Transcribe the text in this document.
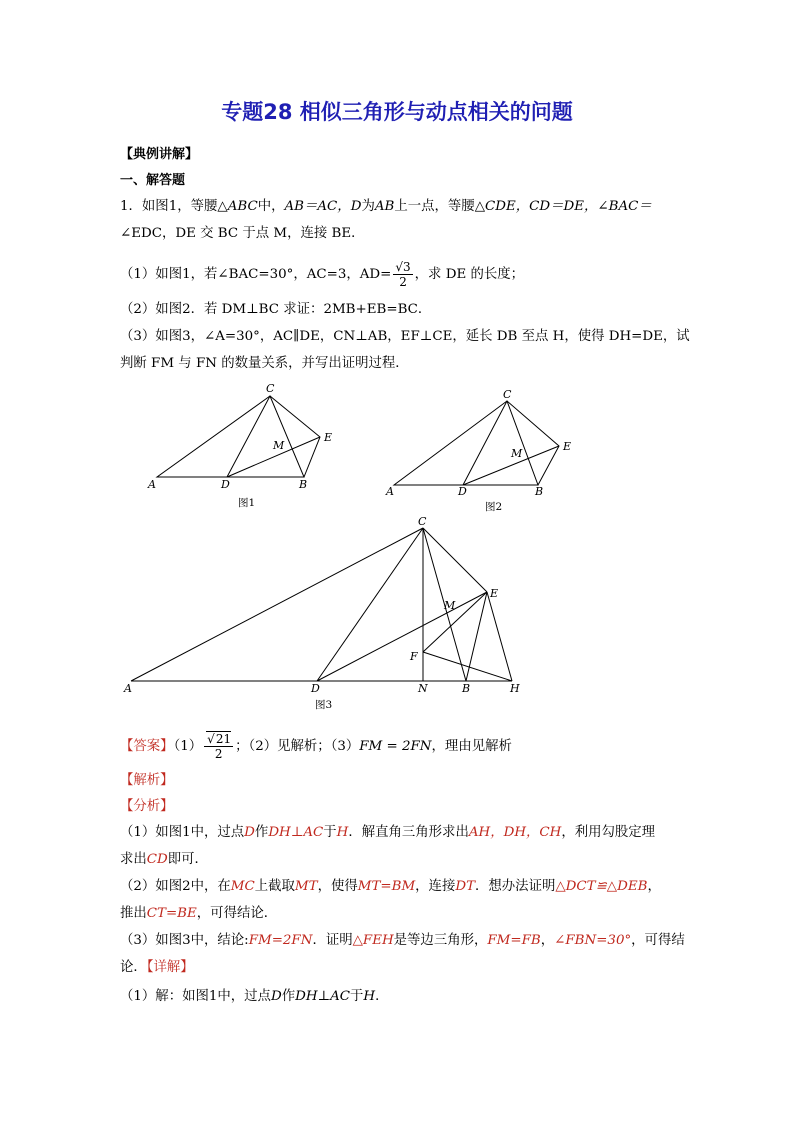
专题28 相似三角形与动点相关的问题
【典例讲解】
一、解答题
1．如图1，等腰△ABC中，AB＝AC，D为AB上一点，等腰△CDE，CD＝DE，∠BAC＝
∠EDC，DE 交 BC 于点 M，连接 BE．
（1）如图1，若∠BAC=30°，AC=3，$AD= \frac{√3}{2}$ ，求 DE 的长度；
（2）如图2．若 DM⊥BC 求证：2MB+EB=BC．
（3）如图3，∠A=30°，AC∥DE，CN⊥AB，EF⊥CE，延长 DB 至点 H，使得 DH=DE，试
判断 FM 与 FN 的数量关系，并写出证明过程．
A	D	B
C
E
M
图1
A	D	B
C
E
M
图2
A	D	N	B	H
C
E
M
F
图3
【答案】$(1) \frac{√21}{2}$ ；（2）见解析；（3）FM = 2FN，理由见解析
【解析】
【分析】
（1）如图1中，过点D作DH⊥AC于H．解直角三角形求出AH，DH，CH，利用勾股定理
求出CD即可．
（2）如图2中，在MC上截取MT，使得MT=BM，连接DT．想办法证明△DCT≌△DEB，
推出CT=BE，可得结论．
（3）如图3中，结论:FM=2FN．证明△FEH是等边三角形，FM=FB，∠FBN=30°，可得结
论．【详解】
（1）解：如图1中，过点D作DH⊥AC于H．
